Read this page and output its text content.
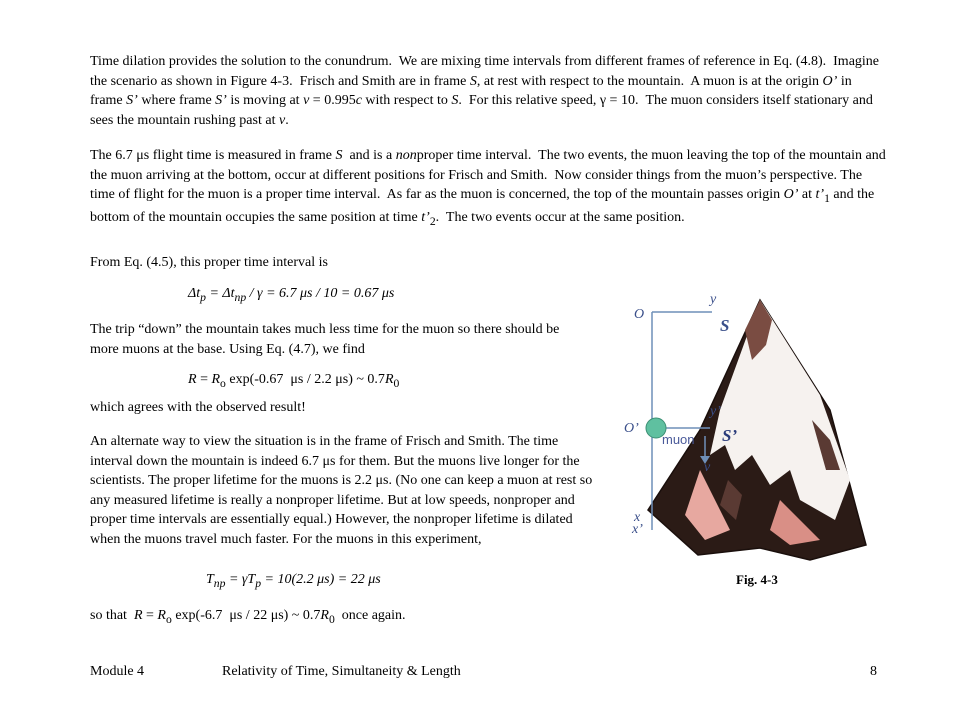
Time dilation provides the solution to the conundrum.  We are mixing time intervals from different frames of reference in Eq. (4.8).  Imagine the scenario as shown in Figure 4-3.  Frisch and Smith are in frame S, at rest with respect to the mountain.  A muon is at the origin O’ in frame S’ where frame S’ is moving at v = 0.995c with respect to S.  For this relative speed, γ = 10.  The muon considers itself stationary and sees the mountain rushing past at v.

The 6.7 μs flight time is measured in frame S  and is a nonproper time interval.  The two events, the muon leaving the top of the mountain and the muon arriving at the bottom, occur at different positions for Frisch and Smith.  Now consider things from the muon’s perspective. The time of flight for the muon is a proper time interval.  As far as the muon is concerned, the top of the mountain passes origin O’ at $t’_1$ and the bottom of the mountain occupies the same position at time $t’_2$.  The two events occur at the same position.

From Eq. (4.5), this proper time interval is

$\Delta t_p = \Delta t_{np} / \gamma = 6.7$ μs / 10 = 0.67 μs

The trip “down” the mountain takes much less time for the muon so there should be more muons at the base. Using Eq. (4.7), we find

$R = R_o$ exp(-0.67  μs / 2.2 μs) ~ $0.7R_0$

which agrees with the observed result!

An alternate way to view the situation is in the frame of Frisch and Smith. The time interval down the mountain is indeed 6.7 μs for them. But the muons live longer for the scientists. The proper lifetime for the muons is 2.2 μs. (No one can keep a muon at rest so any measured lifetime is really a nonproper lifetime. But at low speeds, nonproper and proper time intervals are essentially equal.) However, the nonproper lifetime is dilated when the muons travel much faster. For the muons in this experiment,

$T_{np} = \gamma T_p = 10(2.2$ μs) = 22 μs

so that  $R = R_o$ exp(-6.7  μs / 22 μs) ~ $0.7R_0$  once again.

O
y
S
O’
y’
S’
muon
v
x
x’
Fig. 4-3
Module 4	Relativity of Time, Simultaneity & Length	8
